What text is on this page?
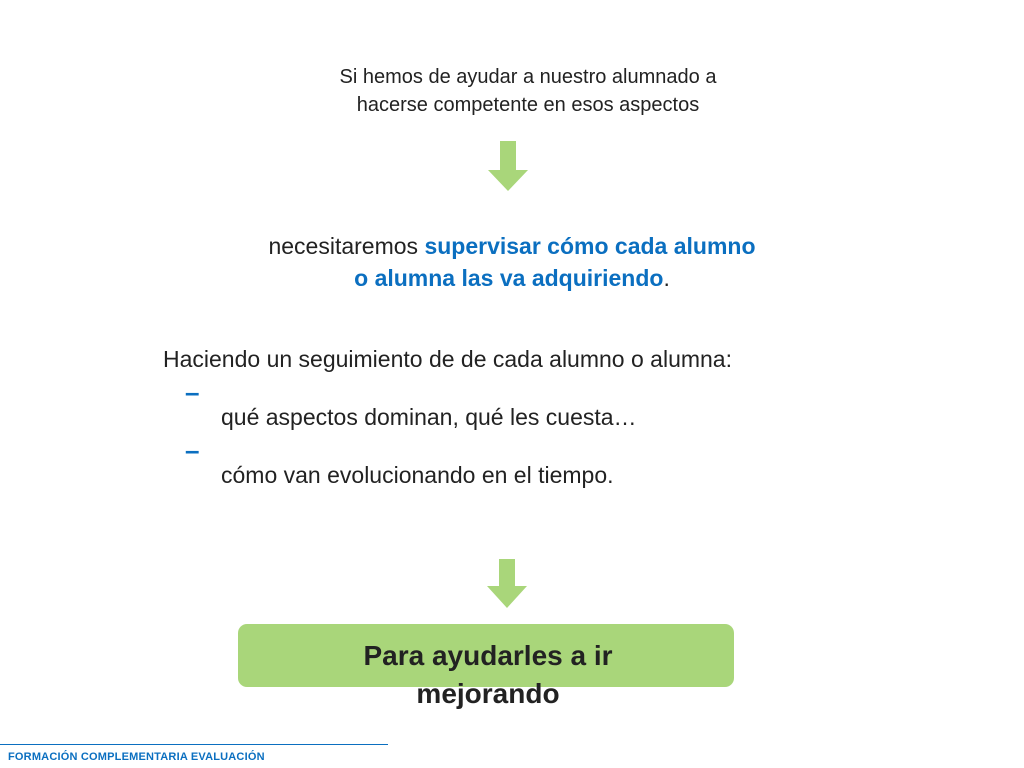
Si hemos de ayudar a nuestro alumnado a
hacerse competente en esos aspectos
necesitaremos supervisar cómo cada alumno
o alumna las va adquiriendo.
Haciendo un seguimiento de de cada alumno o alumna:
–
qué aspectos dominan, qué les cuesta…
–
cómo van evolucionando en el tiempo.
Para ayudarles a ir mejorando
FORMACIÓN COMPLEMENTARIA EVALUACIÓN
